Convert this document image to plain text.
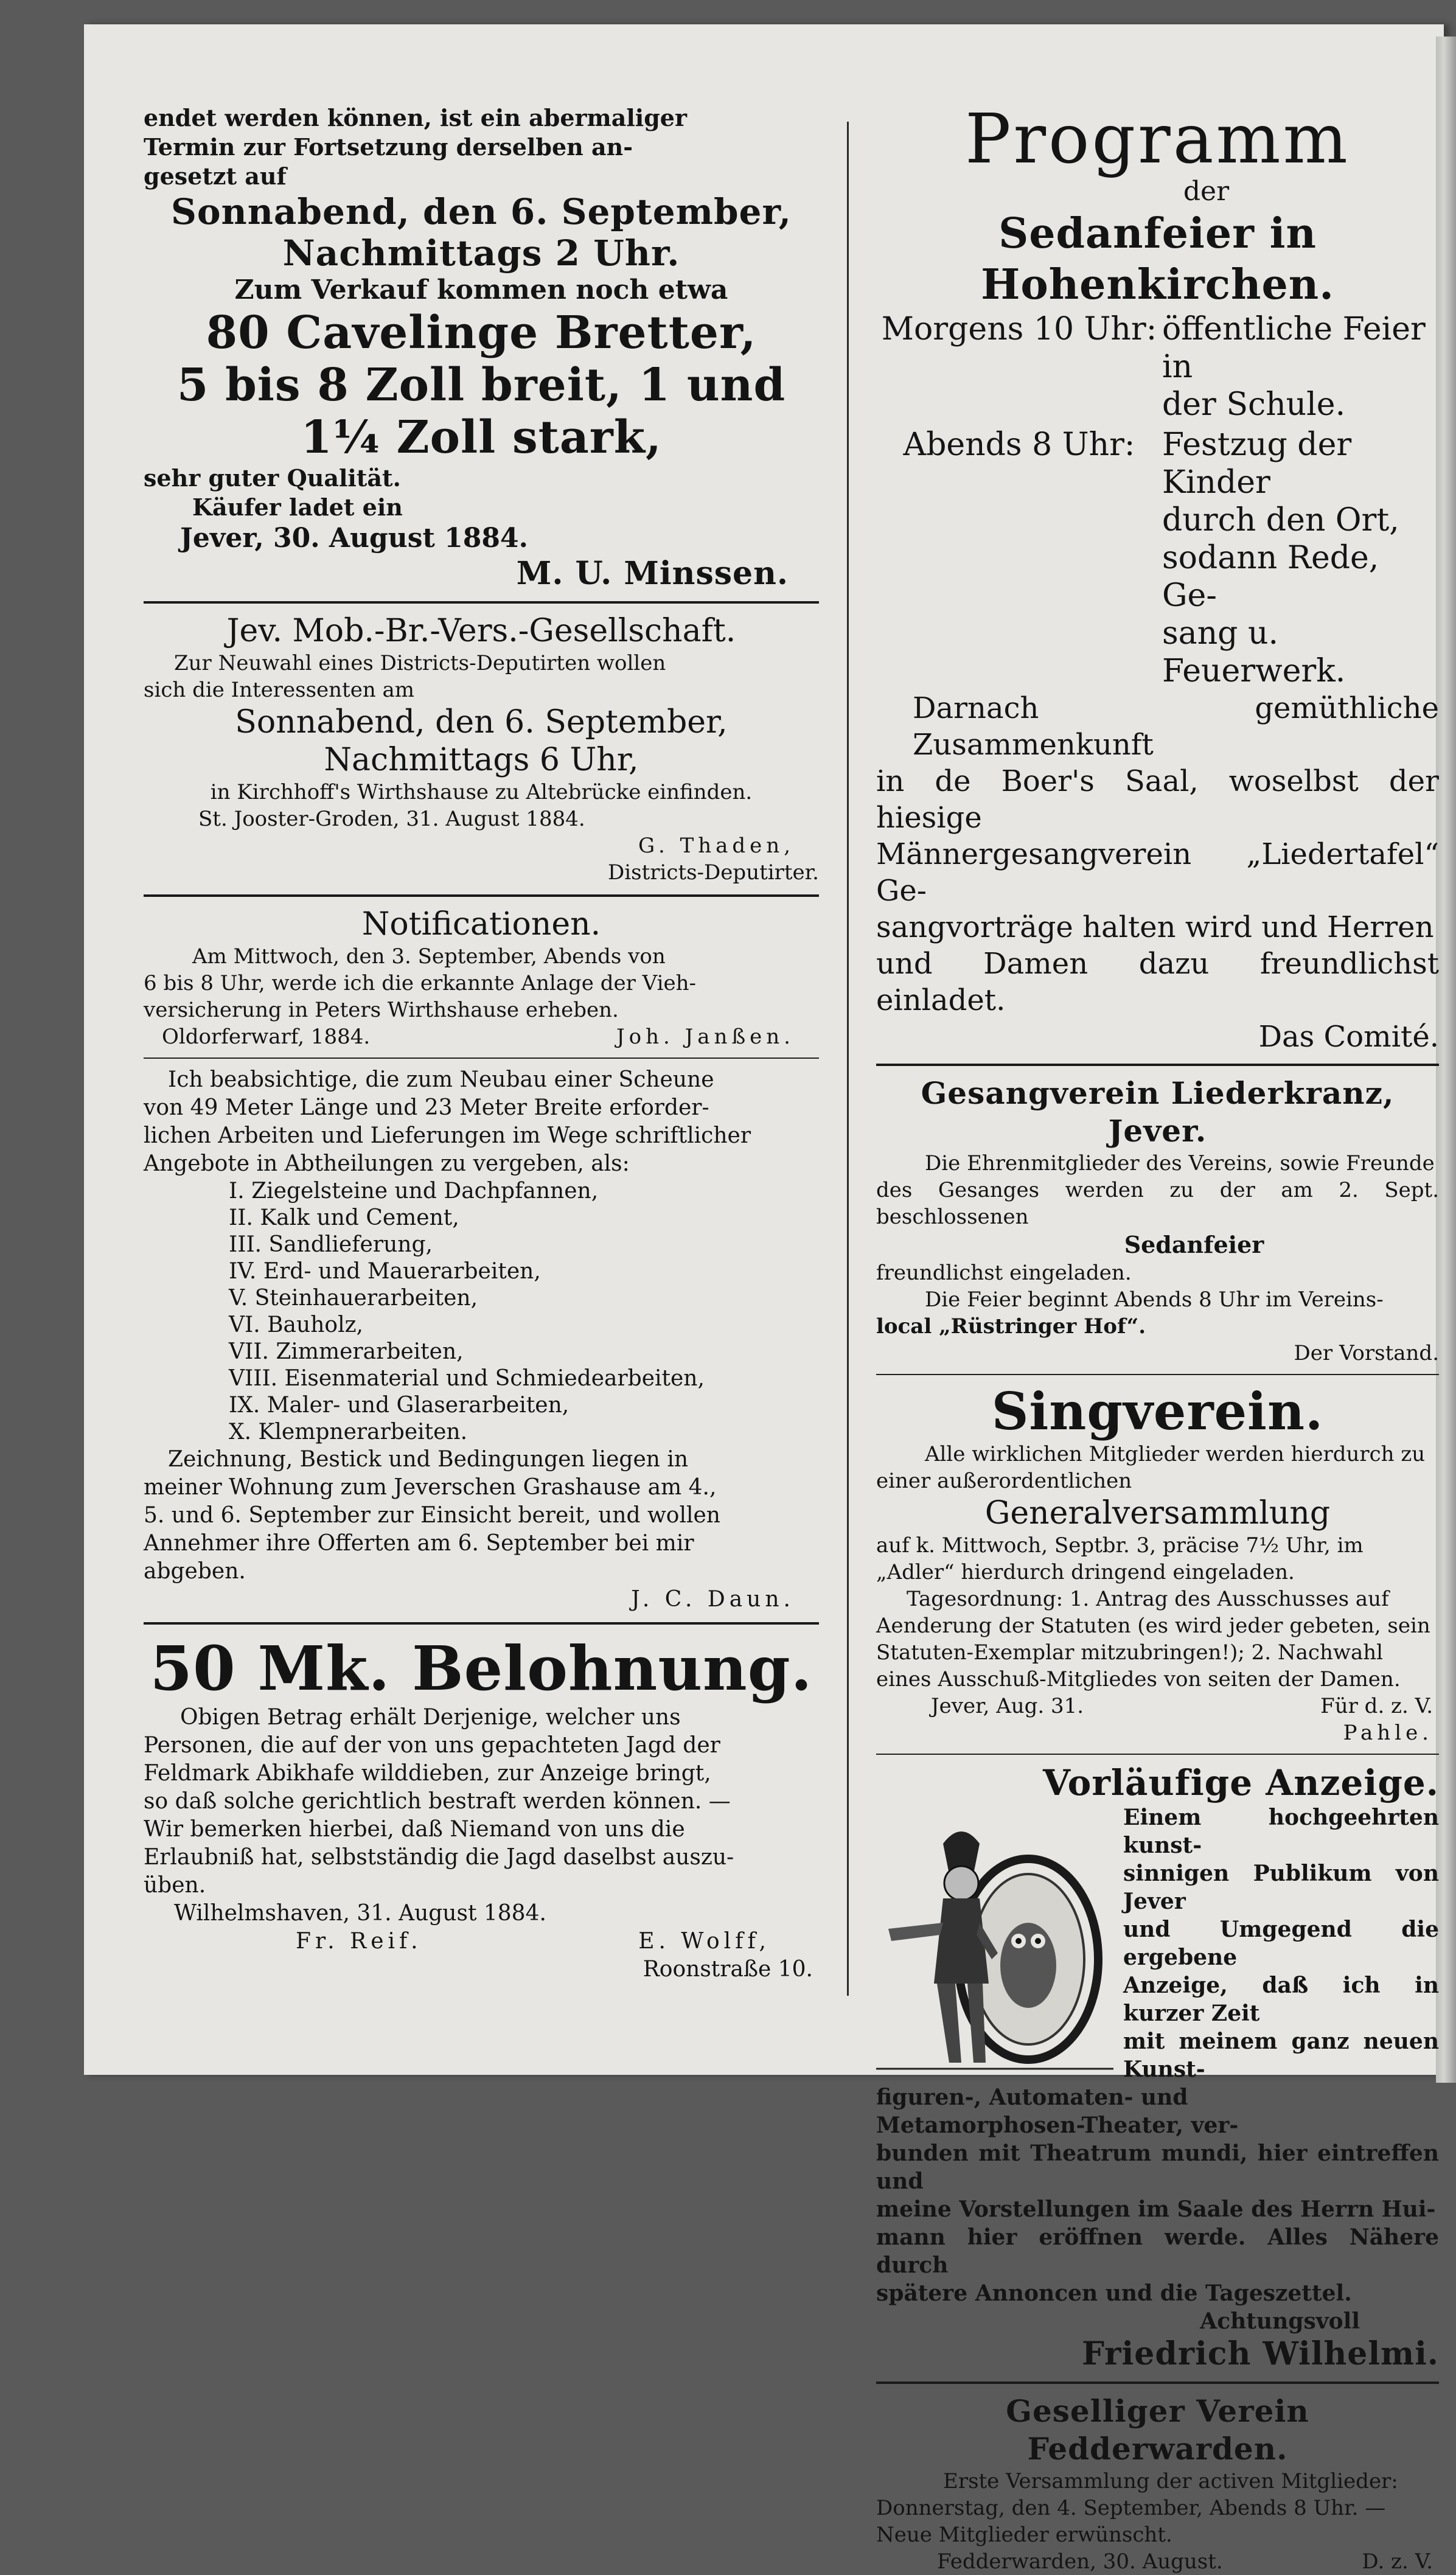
endet werden können, ist ein abermaliger

Termin zur Fortsetzung derselben an-

gesetzt auf

Sonnabend, den 6. September,

Nachmittags 2 Uhr.

Zum Verkauf kommen noch etwa

80 Cavelinge Bretter,

5 bis 8 Zoll breit, 1 und

1¼ Zoll stark,

sehr guter Qualität.

Käufer ladet ein

Jever, 30. August 1884.

M. U. Minssen.

Jev. Mob.-Br.-Vers.-Gesellschaft.

Zur Neuwahl eines Districts-Deputirten wollen

sich die Interessenten am

Sonnabend, den 6. September,

Nachmittags 6 Uhr,

in Kirchhoff's Wirthshause zu Altebrücke einfinden.

St. Jooster-Groden, 31. August 1884.

G. Thaden,

Districts-Deputirter.

Notificationen.

Am Mittwoch, den 3. September, Abends von

6 bis 8 Uhr, werde ich die erkannte Anlage der Vieh-

versicherung in Peters Wirthshause erheben.

Oldorferwarf, 1884.	Joh. Janßen.

Ich beabsichtige, die zum Neubau einer Scheune

von 49 Meter Länge und 23 Meter Breite erforder-

lichen Arbeiten und Lieferungen im Wege schriftlicher

Angebote in Abtheilungen zu vergeben, als:

I. Ziegelsteine und Dachpfannen,

II. Kalk und Cement,

III. Sandlieferung,

IV. Erd- und Mauerarbeiten,

V. Steinhauerarbeiten,

VI. Bauholz,

VII. Zimmerarbeiten,

VIII. Eisenmaterial und Schmiedearbeiten,

IX. Maler- und Glaserarbeiten,

X. Klempnerarbeiten.

Zeichnung, Bestick und Bedingungen liegen in

meiner Wohnung zum Jeverschen Grashause am 4.,

5. und 6. September zur Einsicht bereit, und wollen

Annehmer ihre Offerten am 6. September bei mir

abgeben.

J. C. Daun.

50 Mk. Belohnung.

Obigen Betrag erhält Derjenige, welcher uns

Personen, die auf der von uns gepachteten Jagd der

Feldmark Abikhafe wilddieben, zur Anzeige bringt,

so daß solche gerichtlich bestraft werden können. —

Wir bemerken hierbei, daß Niemand von uns die

Erlaubniß hat, selbstständig die Jagd daselbst auszu-

üben.

Wilhelmshaven, 31. August 1884.

Fr. Reif.	E. Wolff,

Roonstraße 10.

Programm

der

Sedanfeier in Hohenkirchen.

Morgens 10 Uhr: öffentliche Feier in

der Schule.

Abends 8 Uhr: Festzug der Kinder

durch den Ort,

sodann Rede, Ge-

sang u. Feuerwerk.

Darnach gemüthliche Zusammenkunft

in de Boer's Saal, woselbst der hiesige

Männergesangverein „Liedertafel“ Ge-

sangvorträge halten wird und Herren

und Damen dazu freundlichst einladet.

Das Comité.

Gesangverein Liederkranz, Jever.

Die Ehrenmitglieder des Vereins, sowie Freunde

des Gesanges werden zu der am 2. Sept. beschlossenen

Sedanfeier

freundlichst eingeladen.

Die Feier beginnt Abends 8 Uhr im Vereins-

local „Rüstringer Hof“.

Der Vorstand.

Singverein.

Alle wirklichen Mitglieder werden hierdurch zu

einer außerordentlichen

Generalversammlung

auf k. Mittwoch, Septbr. 3, präcise 7½ Uhr, im

„Adler“ hierdurch dringend eingeladen.

Tagesordnung: 1. Antrag des Ausschusses auf

Aenderung der Statuten (es wird jeder gebeten, sein

Statuten-Exemplar mitzubringen!); 2. Nachwahl

eines Ausschuß-Mitgliedes von seiten der Damen.

Jever, Aug. 31.	Für d. z. V.

Pahle.

Vorläufige Anzeige.

Einem hochgeehrten kunst-

sinnigen Publikum von Jever

und Umgegend die ergebene

Anzeige, daß ich in kurzer Zeit

mit meinem ganz neuen Kunst-

figuren-, Automaten- und

Metamorphosen-Theater, ver-

bunden mit Theatrum mundi, hier eintreffen und

meine Vorstellungen im Saale des Herrn Hui-

mann hier eröffnen werde. Alles Nähere durch

spätere Annoncen und die Tageszettel.

Achtungsvoll

Friedrich Wilhelmi.

Geselliger Verein Fedderwarden.

Erste Versammlung der activen Mitglieder:

Donnerstag, den 4. September, Abends 8 Uhr. —

Neue Mitglieder erwünscht.

Fedderwarden, 30. August.	D. z. V.
